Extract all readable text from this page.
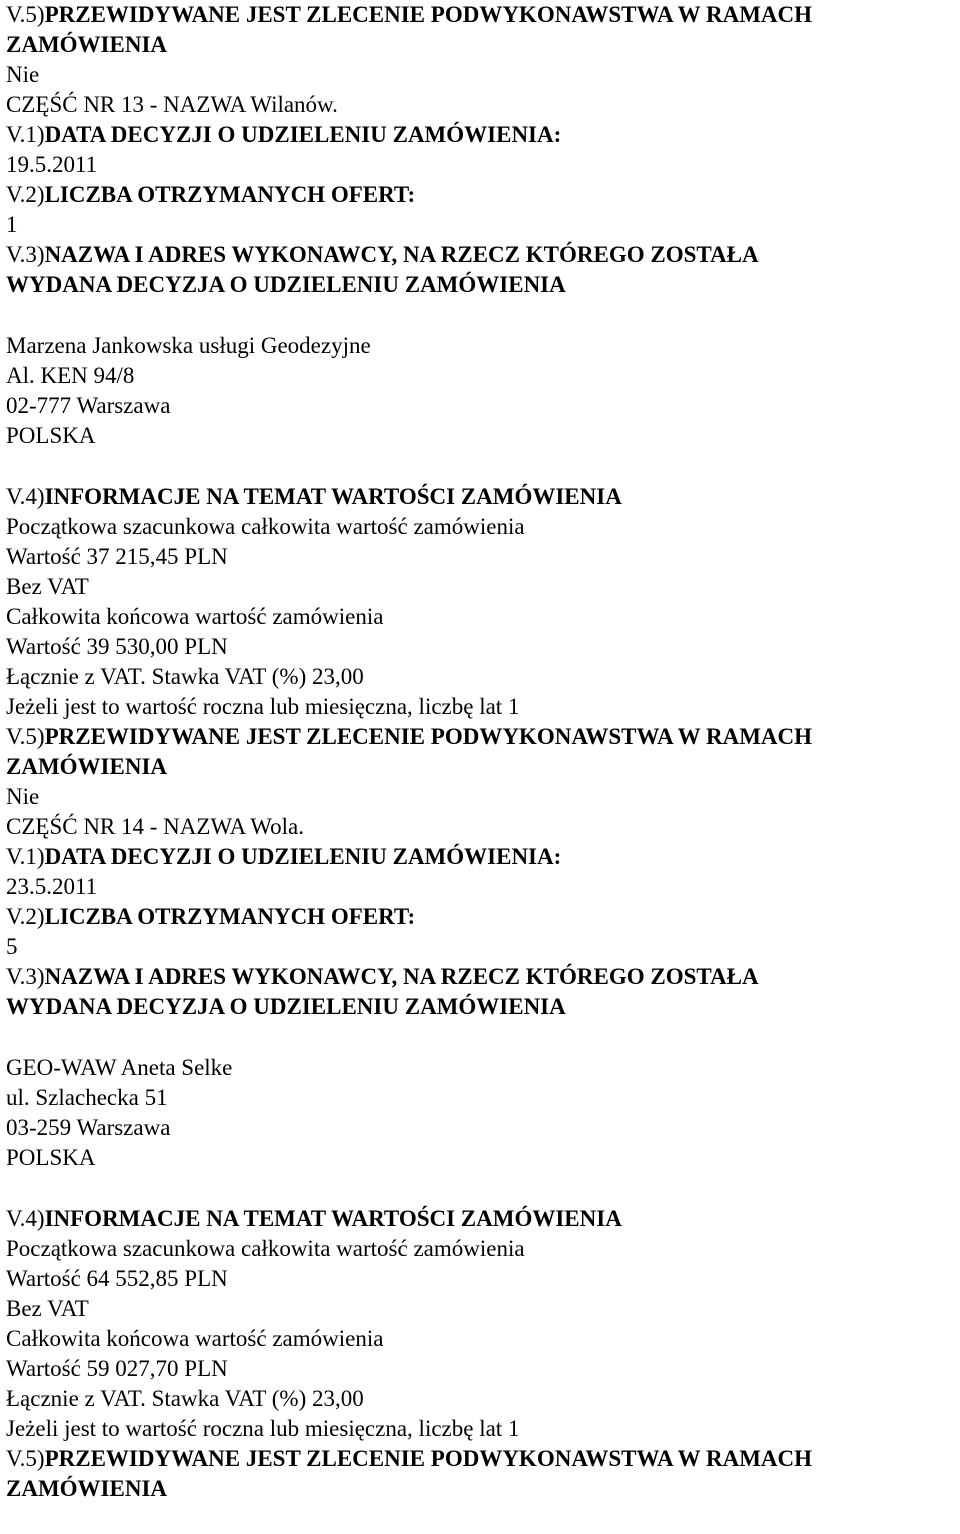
V.5)PRZEWIDYWANE JEST ZLECENIE PODWYKONAWSTWA W RAMACH
ZAMÓWIENIA
Nie
CZĘŚĆ NR 13 - NAZWA Wilanów.
V.1)DATA DECYZJI O UDZIELENIU ZAMÓWIENIA:
19.5.2011
V.2)LICZBA OTRZYMANYCH OFERT:
1
V.3)NAZWA I ADRES WYKONAWCY, NA RZECZ KTÓREGO ZOSTAŁA
WYDANA DECYZJA O UDZIELENIU ZAMÓWIENIA
Marzena Jankowska usługi Geodezyjne
Al. KEN 94/8
02-777 Warszawa
POLSKA
V.4)INFORMACJE NA TEMAT WARTOŚCI ZAMÓWIENIA
Początkowa szacunkowa całkowita wartość zamówienia
Wartość 37 215,45 PLN
Bez VAT
Całkowita końcowa wartość zamówienia
Wartość 39 530,00 PLN
Łącznie z VAT. Stawka VAT (%) 23,00
Jeżeli jest to wartość roczna lub miesięczna, liczbę lat 1
V.5)PRZEWIDYWANE JEST ZLECENIE PODWYKONAWSTWA W RAMACH
ZAMÓWIENIA
Nie
CZĘŚĆ NR 14 - NAZWA Wola.
V.1)DATA DECYZJI O UDZIELENIU ZAMÓWIENIA:
23.5.2011
V.2)LICZBA OTRZYMANYCH OFERT:
5
V.3)NAZWA I ADRES WYKONAWCY, NA RZECZ KTÓREGO ZOSTAŁA
WYDANA DECYZJA O UDZIELENIU ZAMÓWIENIA
GEO-WAW Aneta Selke
ul. Szlachecka 51
03-259 Warszawa
POLSKA
V.4)INFORMACJE NA TEMAT WARTOŚCI ZAMÓWIENIA
Początkowa szacunkowa całkowita wartość zamówienia
Wartość 64 552,85 PLN
Bez VAT
Całkowita końcowa wartość zamówienia
Wartość 59 027,70 PLN
Łącznie z VAT. Stawka VAT (%) 23,00
Jeżeli jest to wartość roczna lub miesięczna, liczbę lat 1
V.5)PRZEWIDYWANE JEST ZLECENIE PODWYKONAWSTWA W RAMACH
ZAMÓWIENIA
